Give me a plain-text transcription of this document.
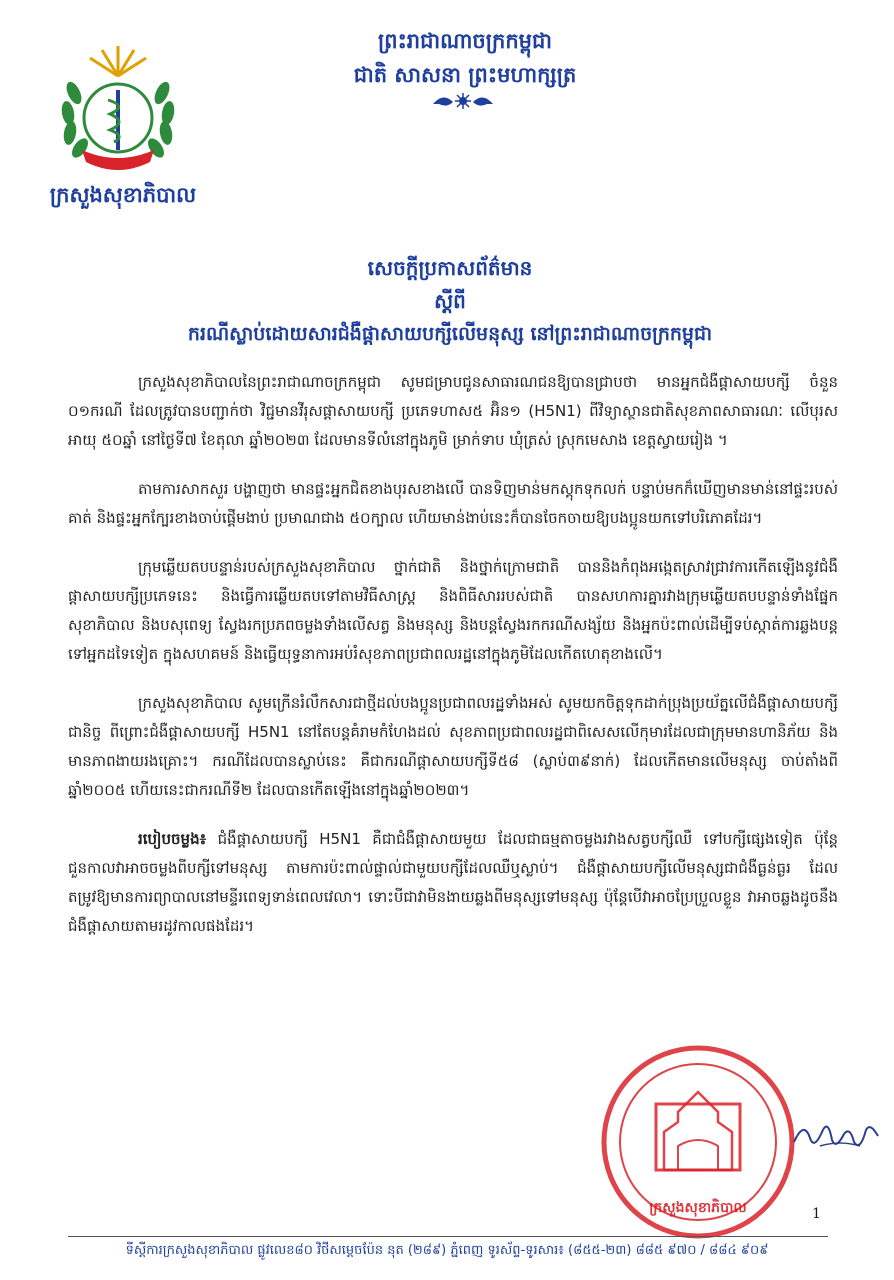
ក្រសួងសុខាភិបាល
ព្រះរាជាណាចក្រកម្ពុជា
ជាតិ សាសនា ព្រះមហាក្សត្រ
សេចក្តីប្រកាសព័ត៌មាន
ស្តីពី
ករណីស្លាប់ដោយសារជំងឺផ្តាសាយបក្សីលើមនុស្ស នៅព្រះរាជាណាចក្រកម្ពុជា

ក្រសួងសុខាភិបាលនៃព្រះរាជាណាចក្រកម្ពុជា សូមជម្រាបជូនសាធារណជនឱ្យបានជ្រាបថា មានអ្នកជំងឺផ្តាសាយបក្សី ចំនួន ០១ករណី ដែលត្រូវបានបញ្ជាក់ថា វិជ្ជមានវីរុសផ្តាសាយបក្សី ប្រភេទហាស៥ អ៊ិន១ (H5N1) ពីវិទ្យាស្ថានជាតិសុខភាពសាធារណៈ លើបុរសអាយុ ៥០ឆ្នាំ នៅថ្ងៃទី៧ ខែតុលា ឆ្នាំ២០២៣ ដែលមានទីលំនៅក្នុងភូមិ ម្រាក់ទាប ឃុំត្រស់ ស្រុកមេសាង ខេត្តស្វាយរៀង ។

តាមការសាកសួរ បង្ហាញថា មានផ្ទះអ្នកជិតខាងបុរសខាងលើ បានទិញមាន់មកស្តុកទុកលក់ បន្ទាប់មកក៏ឃើញមានមាន់នៅផ្ទះរបស់គាត់ និងផ្ទះអ្នកក្បែរខាងចាប់ផ្តើមងាប់ ប្រមាណជាង ៥០ក្បាល ហើយមាន់ងាប់នេះក៏បានចែកចាយឱ្យបងប្អូនយកទៅបរិភោគដែរ។

ក្រុមឆ្លើយតបបន្ទាន់របស់ក្រសួងសុខាភិបាល ថ្នាក់ជាតិ និងថ្នាក់ក្រោមជាតិ បាននិងកំពុងអង្កេតស្រាវជ្រាវការកើតឡើងនូវជំងឺផ្តាសាយបក្សីប្រភេទនេះ និងធ្វើការឆ្លើយតបទៅតាមវិធីសាស្ត្រ និងពិធីសាររបស់ជាតិ បានសហការគ្នារវាងក្រុមឆ្លើយតបបន្ទាន់ទាំងផ្នែកសុខាភិបាល និងបសុពេទ្យ ស្វែងរកប្រភពចម្លងទាំងលើសត្វ និងមនុស្ស និងបន្តស្វែងរកករណីសង្ស័យ និងអ្នកប៉ះពាល់ដើម្បីទប់ស្កាត់ការឆ្លងបន្តទៅអ្នកដទៃទៀត ក្នុងសហគមន៍ និងធ្វើយុទ្ធនាការអប់រំសុខភាពប្រជាពលរដ្ឋនៅក្នុងភូមិដែលកើតហេតុខាងលើ។

ក្រសួងសុខាភិបាល សូមក្រើនរំលឹកសារជាថ្មីដល់បងប្អូនប្រជាពលរដ្ឋទាំងអស់ សូមយកចិត្តទុកដាក់ប្រុងប្រយ័ត្នលើជំងឺផ្តាសាយបក្សីជានិច្ច ពីព្រោះជំងឺផ្តាសាយបក្សី H5N1 នៅតែបន្តគំរាមកំហែងដល់ សុខភាពប្រជាពលរដ្ឋជាពិសេសលើកុមារដែលជាក្រុមមានហានិភ័យ និងមានភាពងាយរងគ្រោះ។ ករណីដែលបានស្លាប់នេះ គឺជាករណីផ្តាសាយបក្សីទី៥៨ (ស្លាប់៣៩នាក់) ដែលកើតមានលើមនុស្ស ចាប់តាំងពីឆ្នាំ២០០៥ ហើយនេះជាករណីទី២ ដែលបានកើតឡើងនៅក្នុងឆ្នាំ២០២៣។

របៀបចម្លង៖ ជំងឺផ្តាសាយបក្សី H5N1 គឺជាជំងឺផ្តាសាយមួយ ដែលជាធម្មតាចម្លងរវាងសត្វបក្សីឈឺ ទៅបក្សីផ្សេងទៀត ប៉ុន្តែជួនកាលវាអាចចម្លងពីបក្សីទៅមនុស្ស តាមការប៉ះពាល់ផ្ទាល់ជាមួយបក្សីដែលឈឺឬស្លាប់។ ជំងឺផ្តាសាយបក្សីលើមនុស្សជាជំងឺធ្ងន់ធ្ងរ ដែលតម្រូវឱ្យមានការព្យាបាលនៅមន្ទីរពេទ្យទាន់ពេលវេលា។ ទោះបីជាវាមិនងាយឆ្លងពីមនុស្សទៅមនុស្ស ប៉ុន្តែបើវាអាចប្រែប្រួលខ្លួន វាអាចឆ្លងដូចនឹងជំងឺផ្តាសាយតាមរដូវកាលផងដែរ។

ក្រសួងសុខាភិបាល	1
ទីស្តីការក្រសួងសុខាភិបាល ផ្លូវលេខ៨០ វិថីសម្តេចប៉ែន នុត (២៨៩) ភ្នំពេញ ទូរស័ព្ទ-ទូរសារ៖ (៨៥៥-២៣) ៨៨៥ ៩៧០ / ៨៨៤ ៩០៩
